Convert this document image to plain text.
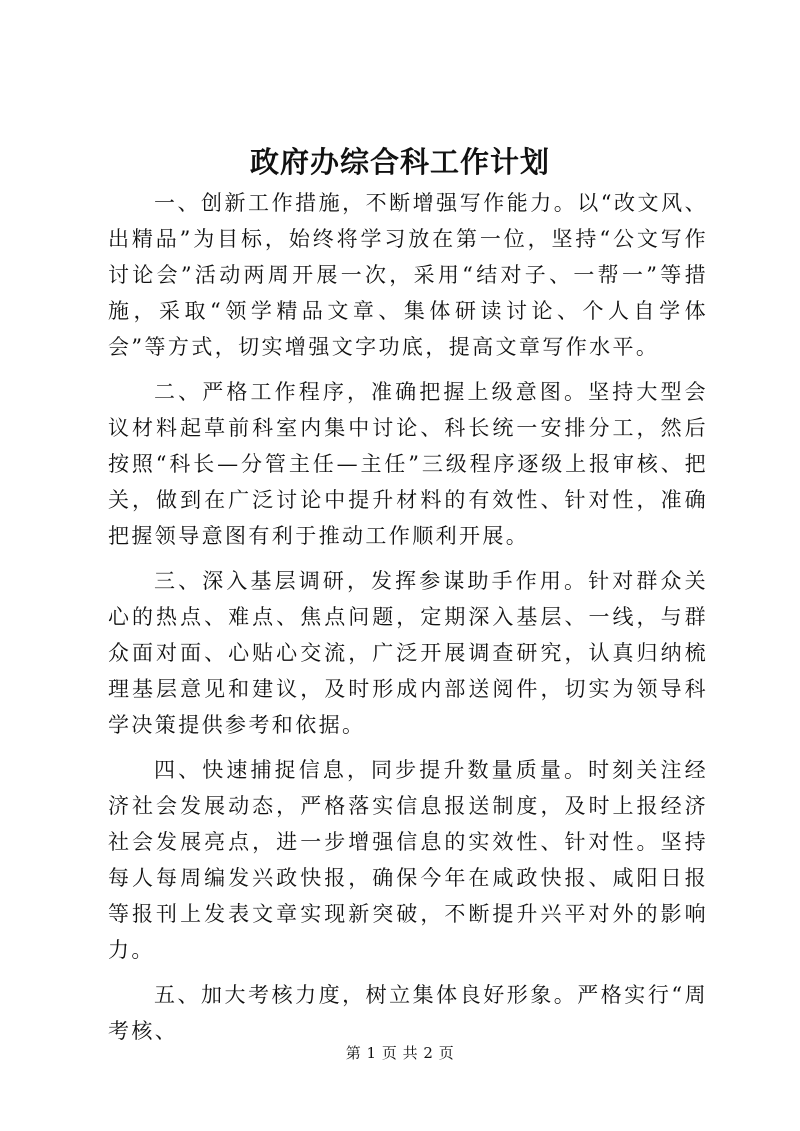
政府办综合科工作计划

一、创新工作措施，不断增强写作能力。以“改文风、出精品”为目标，始终将学习放在第一位，坚持“公文写作讨论会”活动两周开展一次，采用“结对子、一帮一”等措施，采取“领学精品文章、集体研读讨论、个人自学体会”等方式，切实增强文字功底，提高文章写作水平。

二、严格工作程序，准确把握上级意图。坚持大型会议材料起草前科室内集中讨论、科长统一安排分工，然后按照“科长—分管主任—主任”三级程序逐级上报审核、把关，做到在广泛讨论中提升材料的有效性、针对性，准确把握领导意图有利于推动工作顺利开展。

三、深入基层调研，发挥参谋助手作用。针对群众关心的热点、难点、焦点问题，定期深入基层、一线，与群众面对面、心贴心交流，广泛开展调查研究，认真归纳梳理基层意见和建议，及时形成内部送阅件，切实为领导科学决策提供参考和依据。

四、快速捕捉信息，同步提升数量质量。时刻关注经济社会发展动态，严格落实信息报送制度，及时上报经济社会发展亮点，进一步增强信息的实效性、针对性。坚持每人每周编发兴政快报，确保今年在咸政快报、咸阳日报等报刊上发表文章实现新突破，不断提升兴平对外的影响力。

五、加大考核力度，树立集体良好形象。严格实行“周考核、

第 1 页 共 2 页
